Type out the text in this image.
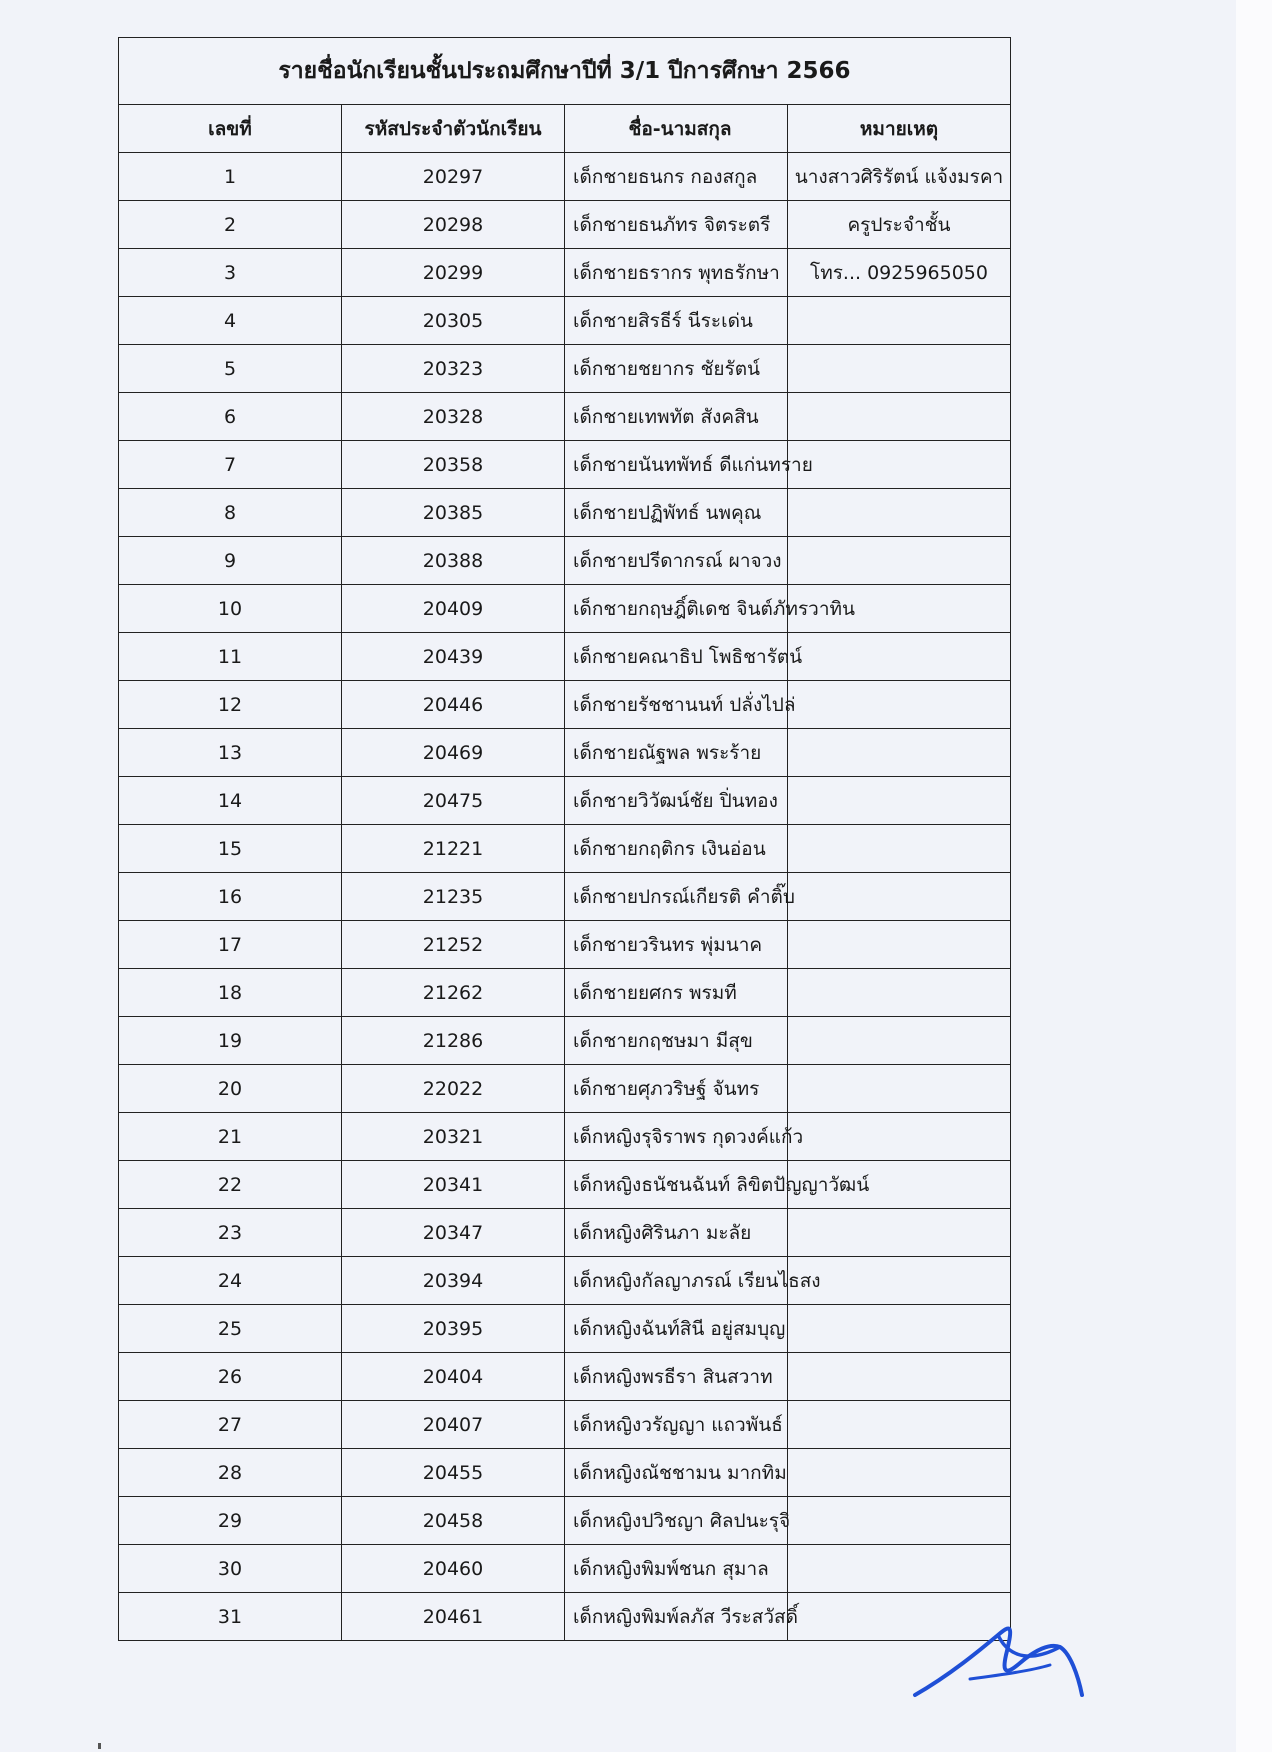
รายชื่อนักเรียนชั้นประถมศึกษาปีที่ 3/1 ปีการศึกษา 2566			
เลขที่	รหัสประจำตัวนักเรียน	ชื่อ-นามสกุล	หมายเหตุ
1	20297	เด็กชายธนกร กองสกูล	นางสาวศิริรัตน์ แจ้งมรคา
2	20298	เด็กชายธนภัทร จิตระตรี	ครูประจำชั้น
3	20299	เด็กชายธรากร พุทธรักษา	โทร... 0925965050
4	20305	เด็กชายสิรธีร์ นีระเด่น	
5	20323	เด็กชายชยากร ชัยรัตน์	
6	20328	เด็กชายเทพทัต สังคสิน	
7	20358	เด็กชายนันทพัทธ์ ดีแก่นทราย	
8	20385	เด็กชายปฏิพัทธ์ นพคุณ	
9	20388	เด็กชายปรีดากรณ์ ผาจวง	
10	20409	เด็กชายกฤษฎิ์ติเดช จินต์ภัทรวาทิน	
11	20439	เด็กชายคณาธิป โพธิชารัตน์	
12	20446	เด็กชายรัชชานนท์ ปลั่งไปล่	
13	20469	เด็กชายณัฐพล พระร้าย	
14	20475	เด็กชายวิวัฒน์ชัย ปิ่นทอง	
15	21221	เด็กชายกฤติกร เงินอ่อน	
16	21235	เด็กชายปกรณ์เกียรติ คำติ๊บ	
17	21252	เด็กชายวรินทร พุ่มนาค	
18	21262	เด็กชายยศกร พรมที	
19	21286	เด็กชายกฤชษมา มีสุข	
20	22022	เด็กชายศุภวริษฐ์ จันทร	
21	20321	เด็กหญิงรุจิราพร กุดวงค์แก้ว	
22	20341	เด็กหญิงธนัชนฉันท์ ลิขิตปัญญาวัฒน์	
23	20347	เด็กหญิงศิรินภา มะลัย	
24	20394	เด็กหญิงกัลญาภรณ์ เรียนไธสง	
25	20395	เด็กหญิงฉันท์สินี อยู่สมบุญ	
26	20404	เด็กหญิงพรธีรา สินสวาท	
27	20407	เด็กหญิงวรัญญา แถวพันธ์	
28	20455	เด็กหญิงณัชชามน มากทิม	
29	20458	เด็กหญิงปวิชญา ศิลปนะรุจิ	
30	20460	เด็กหญิงพิมพ์ชนก สุมาล	
31	20461	เด็กหญิงพิมพ์ลภัส วีระสวัสดิ์	
